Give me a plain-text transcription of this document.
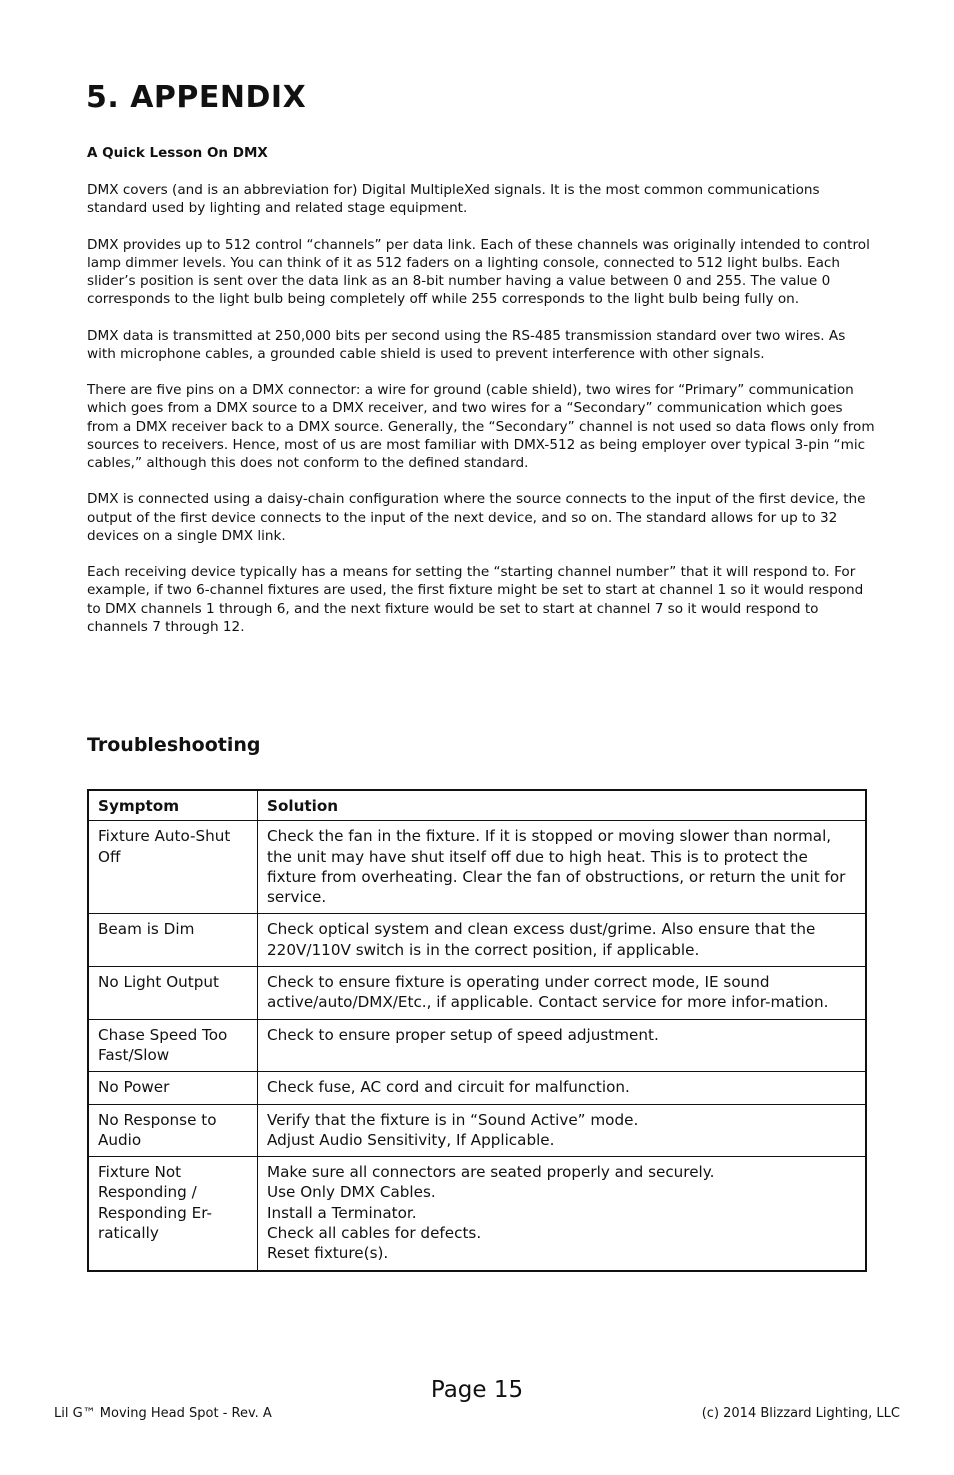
5. APPENDIX
A Quick Lesson On DMX

DMX covers (and is an abbreviation for) Digital MultipleXed signals. It is the most common communications standard used by lighting and related stage equipment.

DMX provides up to 512 control “channels” per data link. Each of these channels was originally intended to control lamp dimmer levels. You can think of it as 512 faders on a lighting console, connected to 512 light bulbs. Each slider’s position is sent over the data link as an 8-bit number having a value between 0 and 255. The value 0 corresponds to the light bulb being completely off while 255 corresponds to the light bulb being fully on.

DMX data is transmitted at 250,000 bits per second using the RS-485 transmission standard over two wires. As with microphone cables, a grounded cable shield is used to prevent interference with other signals.

There are five pins on a DMX connector: a wire for ground (cable shield), two wires for “Primary” communication which goes from a DMX source to a DMX receiver, and two wires for a “Secondary” communication which goes from a DMX receiver back to a DMX source. Generally, the “Secondary” channel is not used so data flows only from sources to receivers. Hence, most of us are most familiar with DMX-512 as being employer over typical 3-pin “mic cables,” although this does not conform to the defined standard.

DMX is connected using a daisy-chain configuration where the source connects to the input of the first device, the output of the first device connects to the input of the next device, and so on. The standard allows for up to 32 devices on a single DMX link.

Each receiving device typically has a means for setting the “starting channel number” that it will respond to. For example, if two 6-channel fixtures are used, the first fixture might be set to start at channel 1 so it would respond to DMX channels 1 through 6, and the next fixture would be set to start at channel 7 so it would respond to channels 7 through 12.

Troubleshooting
Symptom	Solution
Fixture Auto-Shut Off	Check the fan in the fixture. If it is stopped or moving slower than normal, the unit may have shut itself off due to high heat. This is to protect the fixture from overheating. Clear the fan of obstructions, or return the unit for service.

Beam is Dim	Check optical system and clean excess dust/grime. Also ensure that the 220V/110V switch is in the correct position, if applicable.

No Light Output	Check to ensure fixture is operating under correct mode, IE sound active/auto/DMX/Etc., if applicable. Contact service for more infor-mation.

Chase Speed Too Fast/Slow	Check to ensure proper setup of speed adjustment.

No Power	Check fuse, AC cord and circuit for malfunction.

No Response to Audio	Verify that the fixture is in “Sound Active” mode.
Adjust Audio Sensitivity, If Applicable.

Fixture Not Responding / Responding Er-ratically	Make sure all connectors are seated properly and securely.
Use Only DMX Cables.
Install a Terminator.
Check all cables for defects.
Reset fixture(s).
Page 15
Lil G™ Moving Head Spot - Rev. A	(c) 2014 Blizzard Lighting, LLC
